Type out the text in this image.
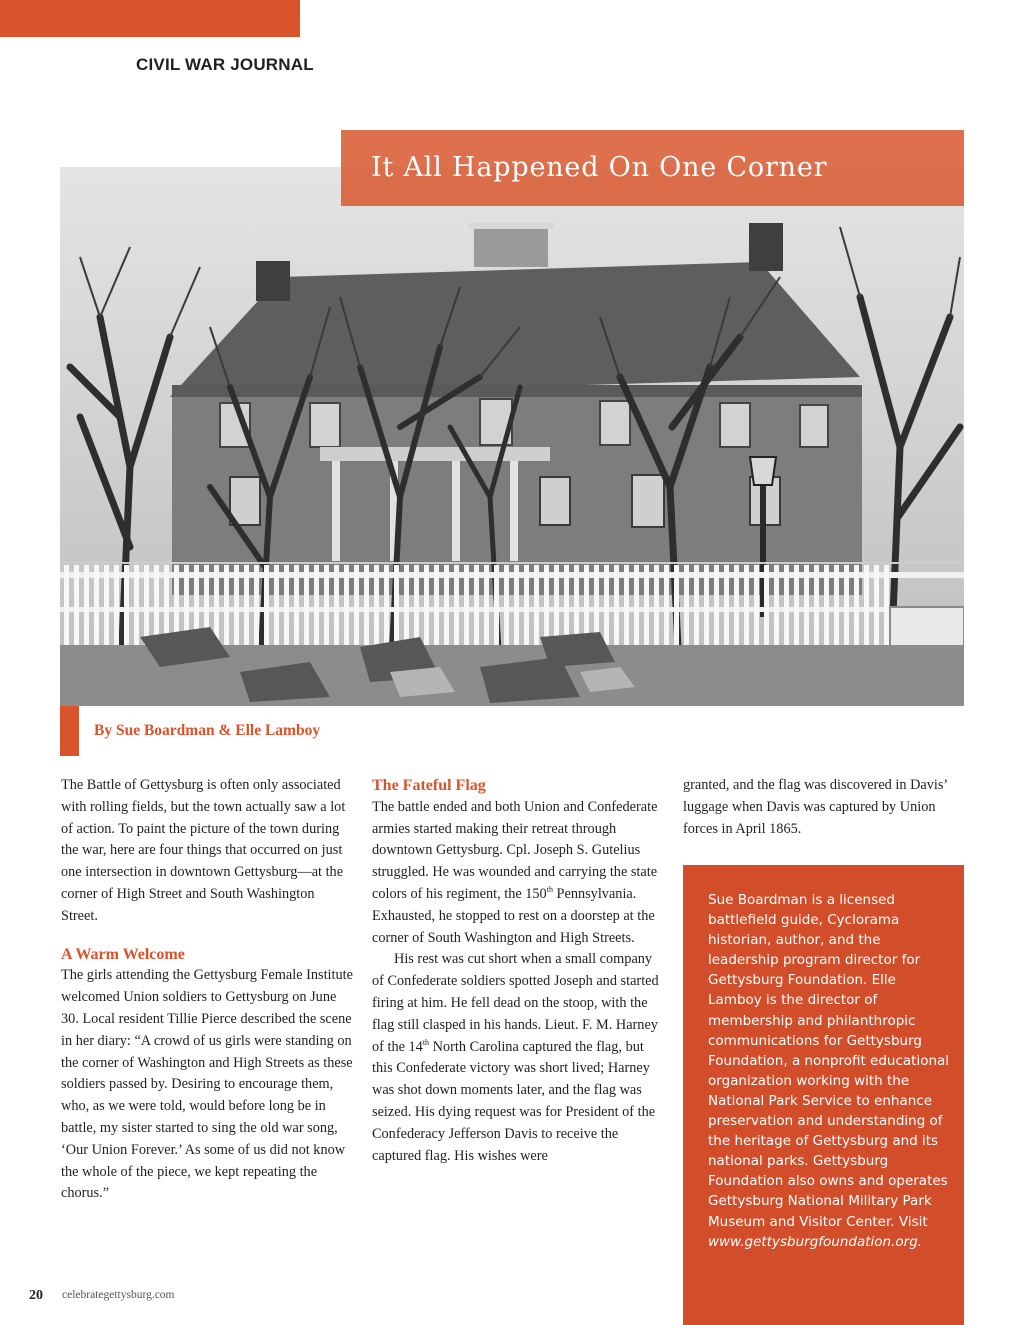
CIVIL WAR JOURNAL
It All Happened On One Corner
By Sue Boardman & Elle Lamboy

The Battle of Gettysburg is often only associated with rolling fields, but the town actually saw a lot of action. To paint the picture of the town during the war, here are four things that occurred on just one intersection in downtown Gettysburg—at the corner of High Street and South Washington Street.

A Warm Welcome

The girls attending the Gettysburg Female Institute welcomed Union soldiers to Gettysburg on June 30. Local resident Tillie Pierce described the scene in her diary: “A crowd of us girls were standing on the corner of Washington and High Streets as these soldiers passed by. Desiring to encourage them, who, as we were told, would before long be in battle, my sister started to sing the old war song, ‘Our Union Forever.’ As some of us did not know the whole of the piece, we kept repeating the chorus.”

The Fateful Flag

The battle ended and both Union and Confederate armies started making their retreat through downtown Gettysburg. Cpl. Joseph S. Gutelius struggled. He was wounded and carrying the state colors of his regiment, the 150th Pennsylvania. Exhausted, he stopped to rest on a doorstep at the corner of South Washington and High Streets.

His rest was cut short when a small company of Confederate soldiers spotted Joseph and started firing at him. He fell dead on the stoop, with the flag still clasped in his hands. Lieut. F. M. Harney of the 14th North Carolina captured the flag, but this Confederate victory was short lived; Harney was shot down moments later, and the flag was seized. His dying request was for President of the Confederacy Jefferson Davis to receive the captured flag. His wishes were

granted, and the flag was discovered in Davis’ luggage when Davis was captured by Union forces in April 1865.

Sue Boardman is a licensed battlefield guide, Cyclorama historian, author, and the leadership program director for Gettysburg Foundation. Elle Lamboy is the director of membership and philanthropic communications for Gettysburg Foundation, a nonprofit educational organization working with the National Park Service to enhance preservation and understanding of the heritage of Gettysburg and its national parks. Gettysburg Foundation also owns and operates Gettysburg National Military Park Museum and Visitor Center. Visit www.gettysburgfoundation.org.

20 celebrategettysburg.com
